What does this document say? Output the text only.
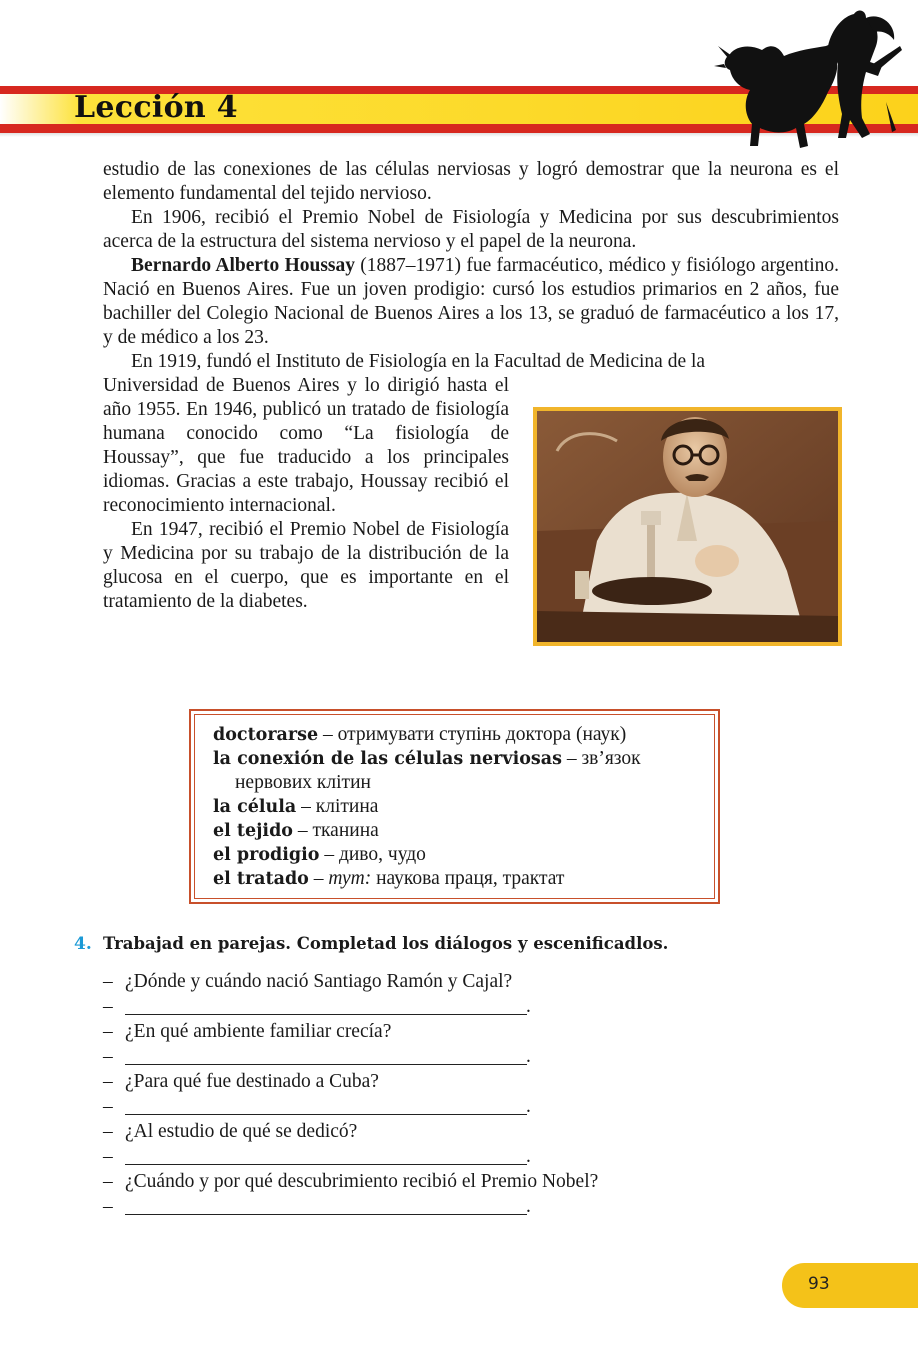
Lección 4

estudio de las conexiones de las células nerviosas y logró demostrar que la neurona es el elemento fundamental del tejido nervioso.

En 1906, recibió el Premio Nobel de Fisiología y Medicina por sus descubrimientos acerca de la estructura del sistema nervioso y el papel de la neurona.

Bernardo Alberto Houssay (1887–1971) fue farmacéutico, médico y fisiólogo argentino. Nació en Buenos Aires. Fue un joven prodigio: cursó los estudios primarios en 2 años, fue bachiller del Colegio Nacional de Buenos Aires a los 13, se graduó de farmacéutico a los 17, y de médico a los 23.

En 1919, fundó el Instituto de Fisiología en la Facultad de Medicina de la

Universidad de Buenos Aires y lo dirigió hasta el año 1955. En 1946, publicó un tratado de fisiología humana conocido como “La fisiología de Houssay”, que fue traducido a los principales idiomas. Gracias a este trabajo, Houssay recibió el reconocimiento internacional.

En 1947, recibió el Premio Nobel de Fisiología y Medicina por su trabajo de la distribución de la glucosa en el cuerpo, que es importante en el tratamiento de la diabetes.

doctorarse – отримувати ступінь доктора (наук)
la conexión de las células nerviosas – зв’язок
нервових клітин
la célula – клітина
el tejido – тканина
el prodigio – диво, чудо
el tratado – тут: наукова праця, трактат
4. Trabajad en parejas. Completad los diálogos y escenificadlos.
– ¿Dónde y cuándo nació Santiago Ramón y Cajal?
–	.
– ¿En qué ambiente familiar crecía?
–	.
– ¿Para qué fue destinado a Cuba?
–	.
– ¿Al estudio de qué se dedicó?
–	.
– ¿Cuándo y por qué descubrimiento recibió el Premio Nobel?
–	.
93
